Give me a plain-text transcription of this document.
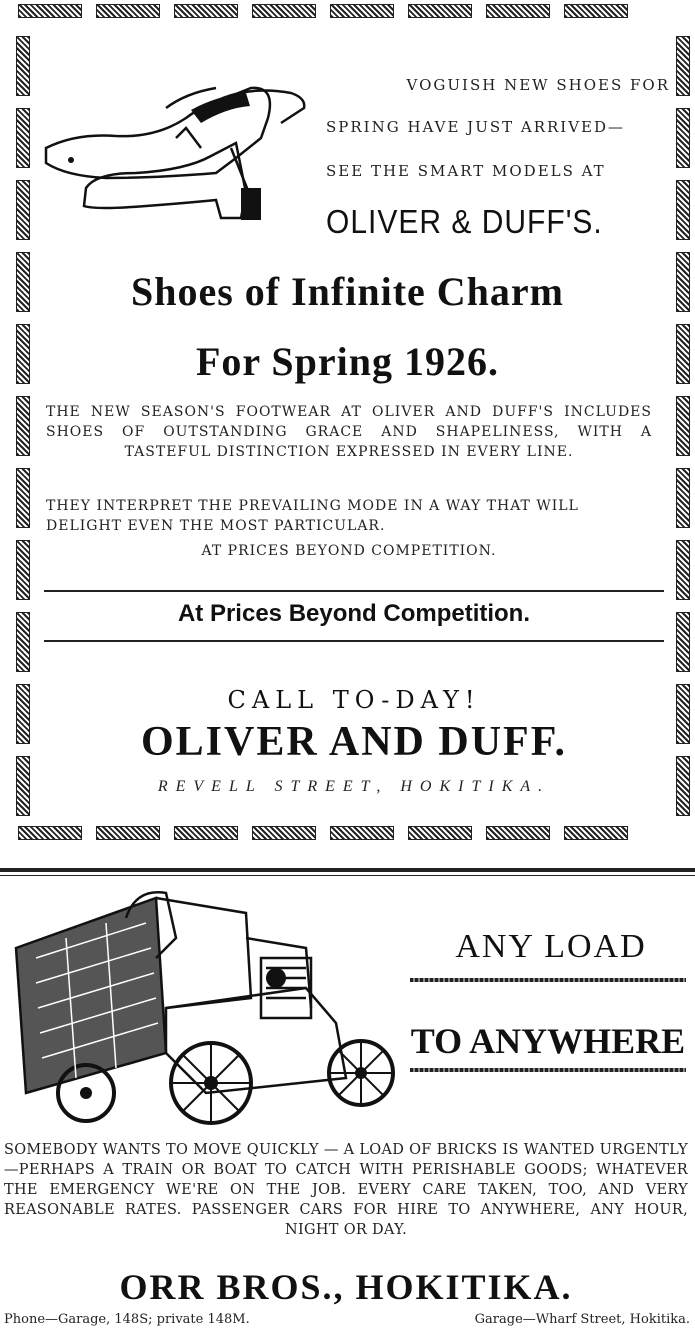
VOGUISH NEW SHOES FOR
SPRING HAVE JUST ARRIVED—
SEE THE SMART MODELS AT
OLIVER & DUFF'S.
Shoes of Infinite Charm
For Spring 1926.
THE NEW SEASON'S FOOTWEAR AT OLIVER AND DUFF'S INCLUDES SHOES OF OUTSTANDING GRACE AND SHAPELINESS, WITH A TASTEFUL DISTINCTION EXPRESSED IN EVERY LINE.
THEY INTERPRET THE PREVAILING MODE IN A WAY THAT WILL DELIGHT EVEN THE MOST PARTICULAR.
AT PRICES BEYOND COMPETITION.
At Prices Beyond Competition.
CALL TO-DAY!
OLIVER AND DUFF.
REVELL STREET, HOKITIKA.
ANY LOAD
TO ANYWHERE
SOMEBODY WANTS TO MOVE QUICKLY — A LOAD OF BRICKS IS WANTED URGENTLY—PERHAPS A TRAIN OR BOAT TO CATCH WITH PERISHABLE GOODS; WHATEVER THE EMERGENCY WE'RE ON THE JOB. EVERY CARE TAKEN, TOO, AND VERY REASONABLE RATES. PASSENGER CARS FOR HIRE TO ANYWHERE, ANY HOUR, NIGHT OR DAY.
ORR BROS., HOKITIKA.
Phone—Garage, 148S; private 148M.	Garage—Wharf Street, Hokitika.
